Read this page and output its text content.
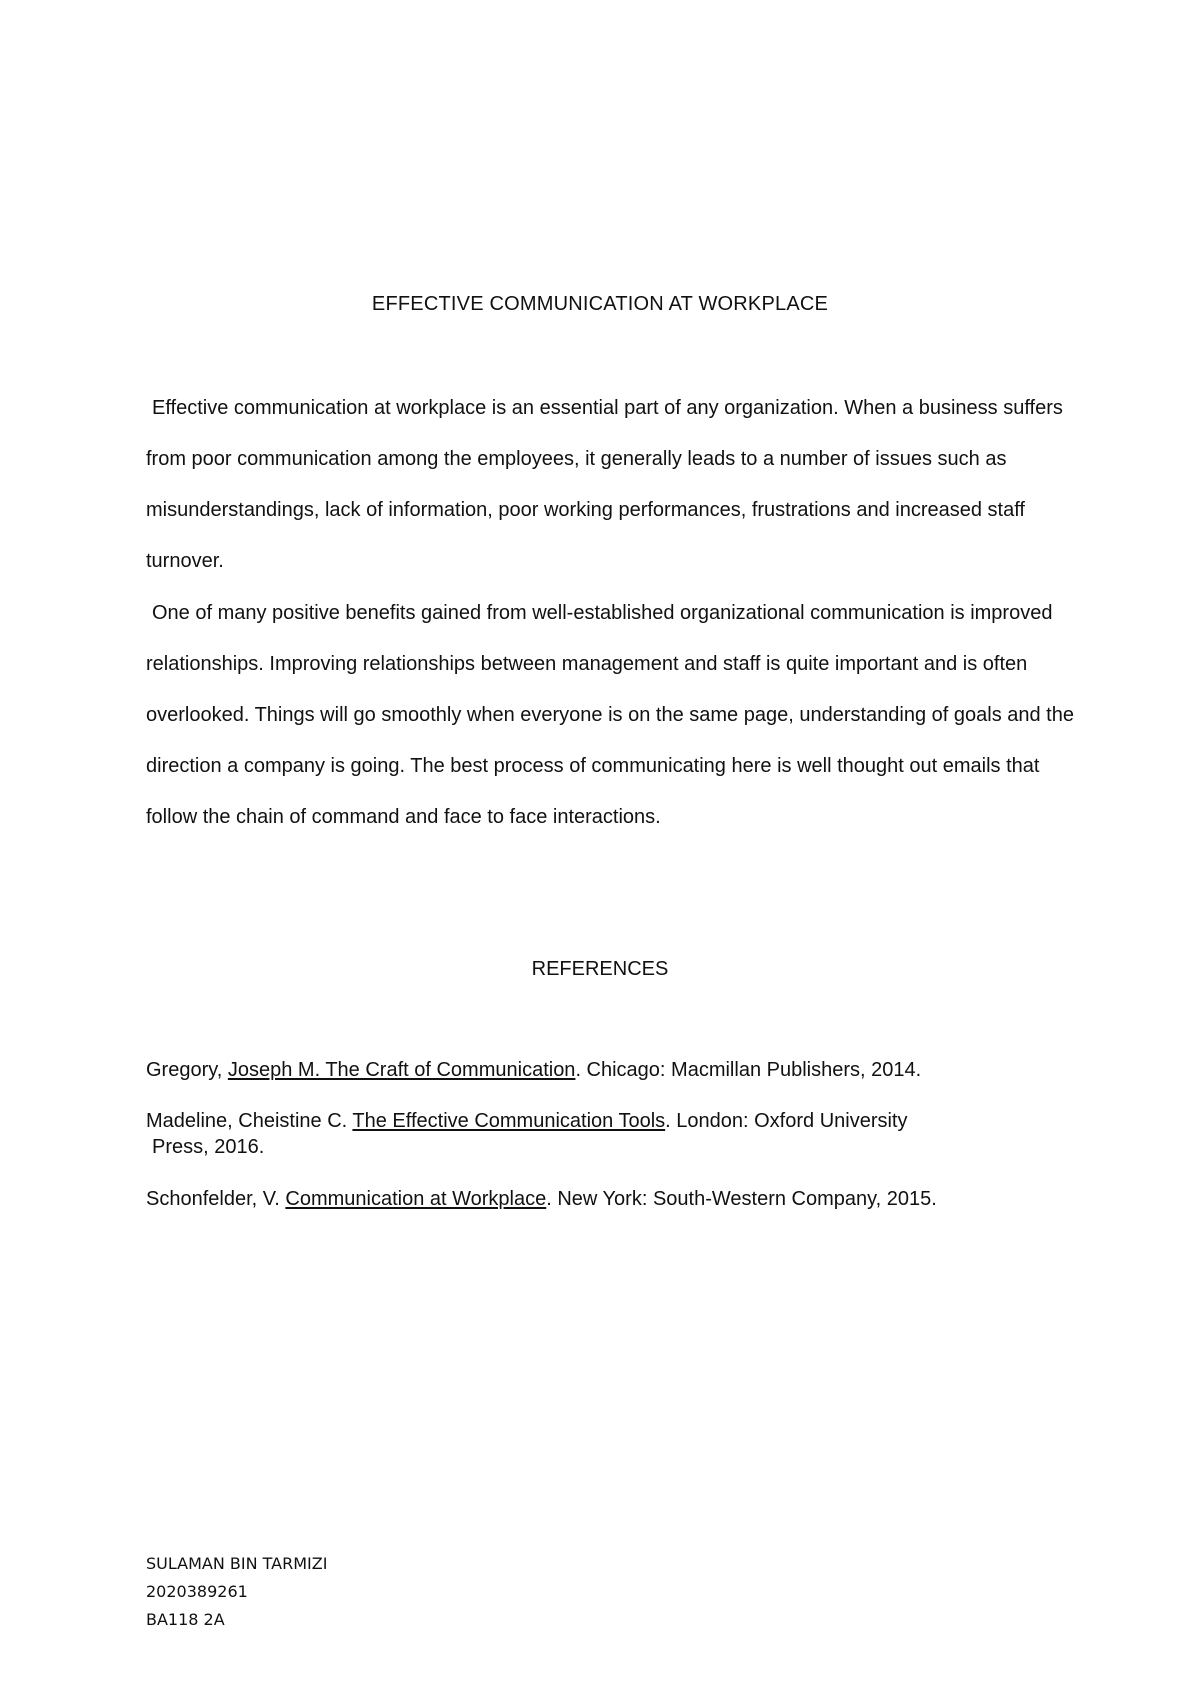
EFFECTIVE COMMUNICATION AT WORKPLACE

Effective communication at workplace is an essential part of any organization. When a business suffers from poor communication among the employees, it generally leads to a number of issues such as misunderstandings, lack of information, poor working performances, frustrations and increased staff turnover.

One of many positive benefits gained from well-established organizational communication is improved relationships. Improving relationships between management and staff is quite important and is often overlooked. Things will go smoothly when everyone is on the same page, understanding of goals and the direction a company is going. The best process of communicating here is well thought out emails that follow the chain of command and face to face interactions.

REFERENCES
Gregory, Joseph M. The Craft of Communication. Chicago: Macmillan Publishers, 2014.
Madeline, Cheistine C. The Effective Communication Tools. London: Oxford University
Press, 2016.
Schonfelder, V. Communication at Workplace. New York: South-Western Company, 2015.
SULAMAN BIN TARMIZI
2020389261
BA118 2A
